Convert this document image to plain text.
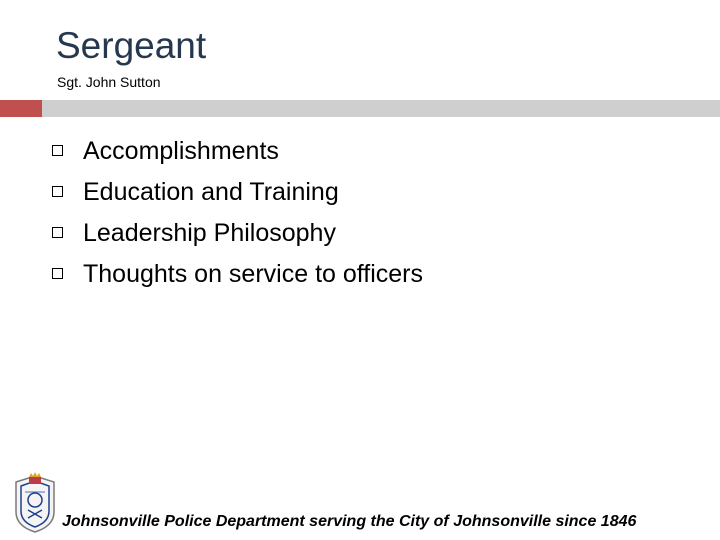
Sergeant
Sgt. John Sutton
Accomplishments
Education and Training
Leadership Philosophy
Thoughts on service to officers
Johnsonville Police Department serving the City of Johnsonville since 1846
